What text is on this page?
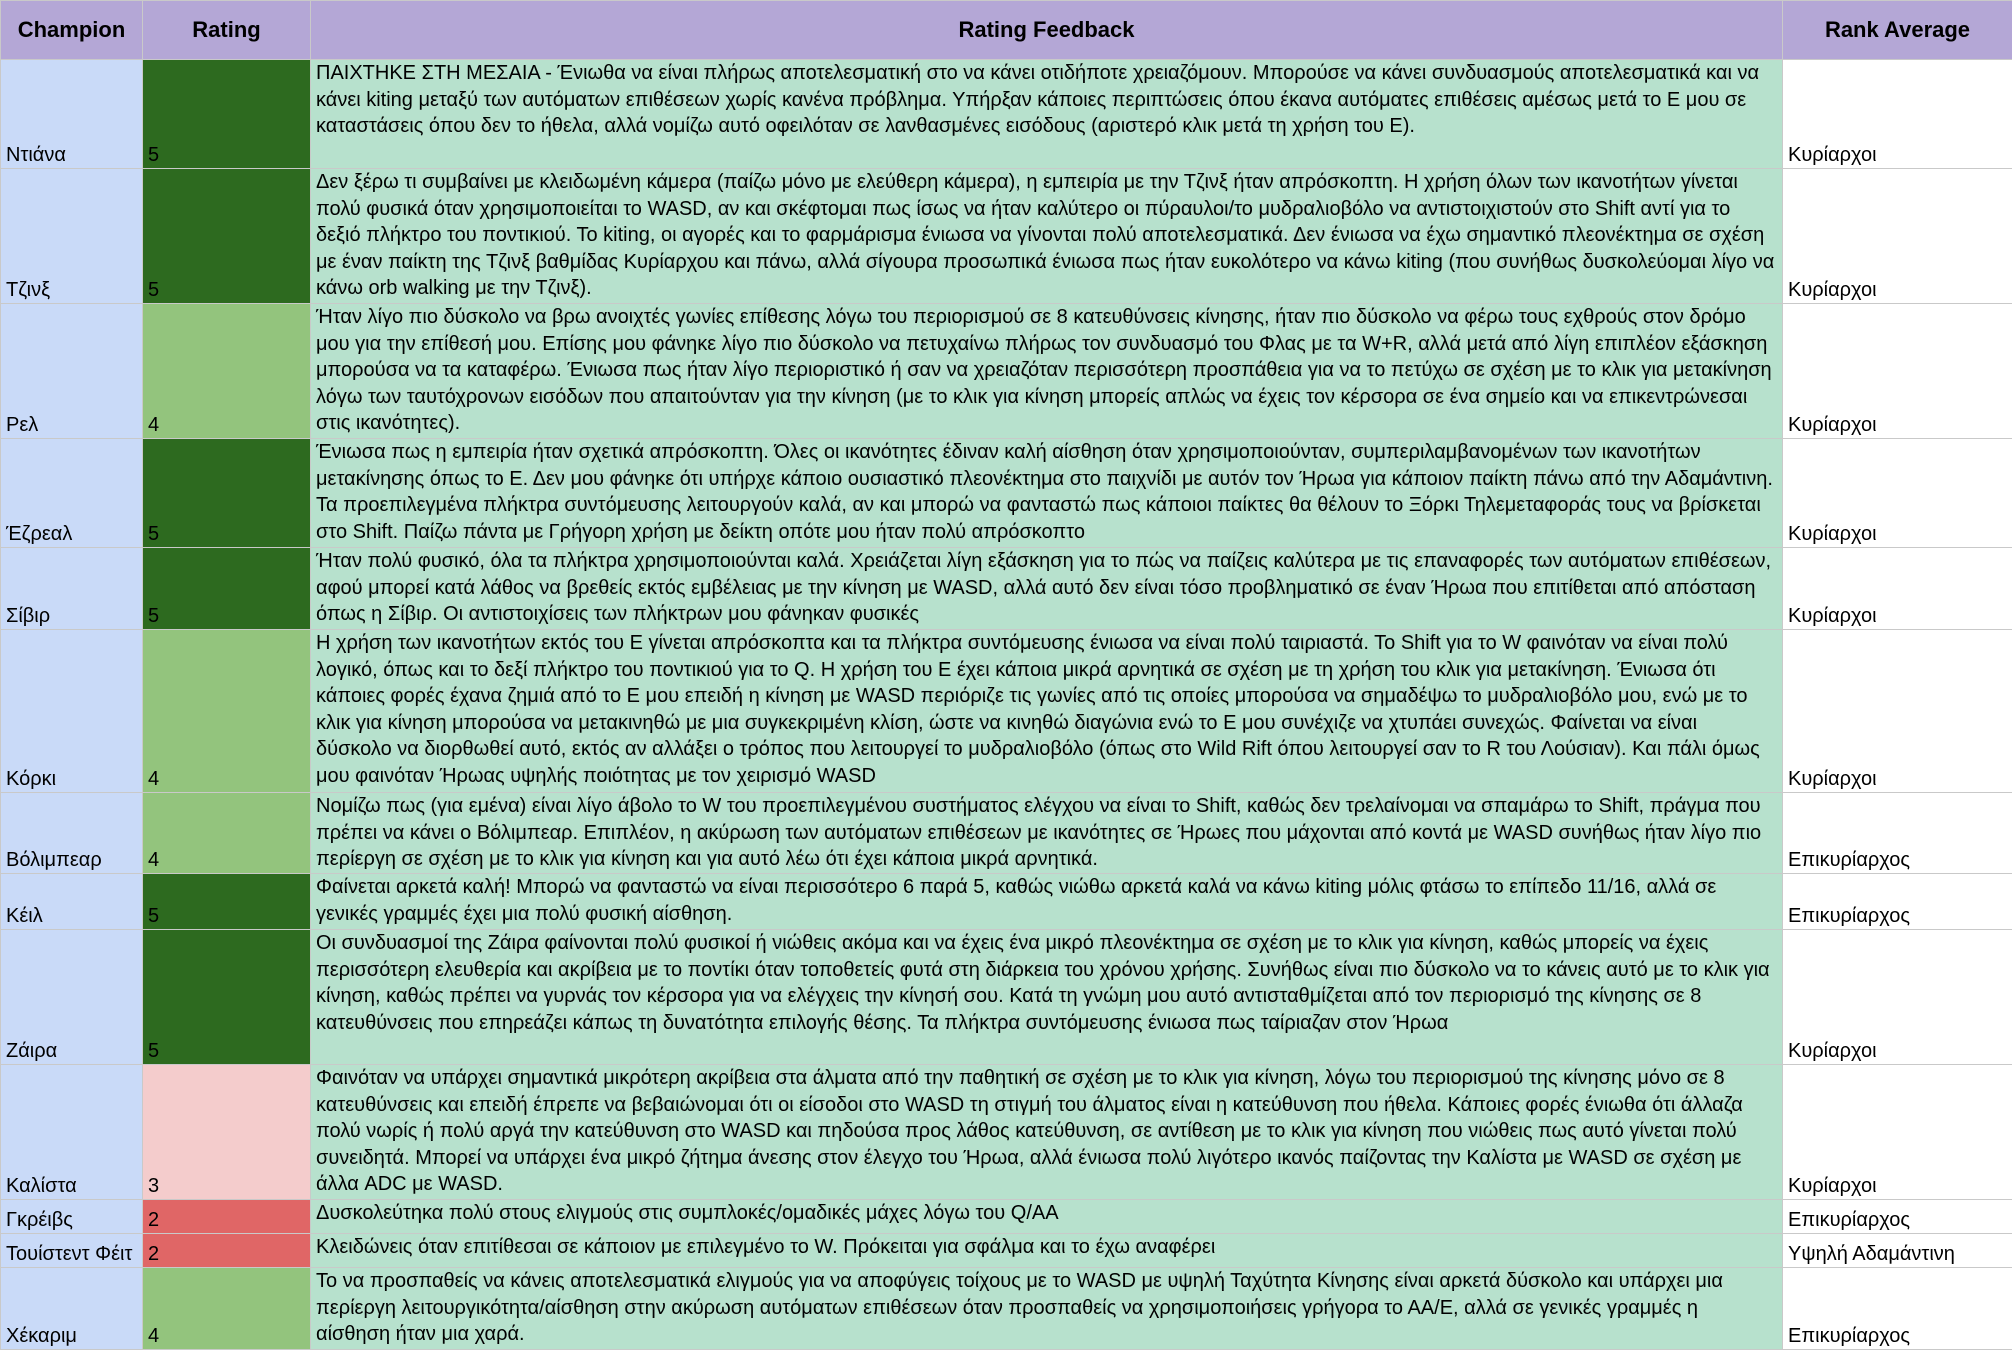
Champion	Rating	Rating Feedback	Rank Average
Ντιάνα	5	ΠΑΙΧΤΗΚΕ ΣΤΗ ΜΕΣΑΙΑ - Ένιωθα να είναι πλήρως αποτελεσματική στο να κάνει οτιδήποτε χρειαζόμουν. Μπορούσε να κάνει συνδυασμούς αποτελεσματικά και να κάνει kiting μεταξύ των αυτόματων επιθέσεων χωρίς κανένα πρόβλημα. Υπήρξαν κάποιες περιπτώσεις όπου έκανα αυτόματες επιθέσεις αμέσως μετά το Ε μου σε καταστάσεις όπου δεν το ήθελα, αλλά νομίζω αυτό οφειλόταν σε λανθασμένες εισόδους (αριστερό κλικ μετά τη χρήση του Ε).	Κυρίαρχοι
Τζινξ	5	Δεν ξέρω τι συμβαίνει με κλειδωμένη κάμερα (παίζω μόνο με ελεύθερη κάμερα), η εμπειρία με την Τζινξ ήταν απρόσκοπτη. Η χρήση όλων των ικανοτήτων γίνεται πολύ φυσικά όταν χρησιμοποιείται το WASD, αν και σκέφτομαι πως ίσως να ήταν καλύτερο οι πύραυλοι/το μυδραλιοβόλο να αντιστοιχιστούν στο Shift αντί για το δεξιό πλήκτρο του ποντικιού. Το kiting, οι αγορές και το φαρμάρισμα ένιωσα να γίνονται πολύ αποτελεσματικά. Δεν ένιωσα να έχω σημαντικό πλεονέκτημα σε σχέση με έναν παίκτη της Τζινξ βαθμίδας Κυρίαρχου και πάνω, αλλά σίγουρα προσωπικά ένιωσα πως ήταν ευκολότερο να κάνω kiting (που συνήθως δυσκολεύομαι λίγο να κάνω orb walking με την Τζινξ).	Κυρίαρχοι
Ρελ	4	Ήταν λίγο πιο δύσκολο να βρω ανοιχτές γωνίες επίθεσης λόγω του περιορισμού σε 8 κατευθύνσεις κίνησης, ήταν πιο δύσκολο να φέρω τους εχθρούς στον δρόμο μου για την επίθεσή μου. Επίσης μου φάνηκε λίγο πιο δύσκολο να πετυχαίνω πλήρως τον συνδυασμό του Φλας με τα W+R, αλλά μετά από λίγη επιπλέον εξάσκηση μπορούσα να τα καταφέρω. Ένιωσα πως ήταν λίγο περιοριστικό ή σαν να χρειαζόταν περισσότερη προσπάθεια για να το πετύχω σε σχέση με το κλικ για μετακίνηση λόγω των ταυτόχρονων εισόδων που απαιτούνταν για την κίνηση (με το κλικ για κίνηση μπορείς απλώς να έχεις τον κέρσορα σε ένα σημείο και να επικεντρώνεσαι στις ικανότητες).	Κυρίαρχοι
Έζρεαλ	5	Ένιωσα πως η εμπειρία ήταν σχετικά απρόσκοπτη. Όλες οι ικανότητες έδιναν καλή αίσθηση όταν χρησιμοποιούνταν, συμπεριλαμβανομένων των ικανοτήτων μετακίνησης όπως το Ε. Δεν μου φάνηκε ότι υπήρχε κάποιο ουσιαστικό πλεονέκτημα στο παιχνίδι με αυτόν τον Ήρωα για κάποιον παίκτη πάνω από την Αδαμάντινη. Τα προεπιλεγμένα πλήκτρα συντόμευσης λειτουργούν καλά, αν και μπορώ να φανταστώ πως κάποιοι παίκτες θα θέλουν το Ξόρκι Τηλεμεταφοράς τους να βρίσκεται στο Shift. Παίζω πάντα με Γρήγορη χρήση με δείκτη οπότε μου ήταν πολύ απρόσκοπτο	Κυρίαρχοι
Σίβιρ	5	Ήταν πολύ φυσικό, όλα τα πλήκτρα χρησιμοποιούνται καλά. Χρειάζεται λίγη εξάσκηση για το πώς να παίζεις καλύτερα με τις επαναφορές των αυτόματων επιθέσεων, αφού μπορεί κατά λάθος να βρεθείς εκτός εμβέλειας με την κίνηση με WASD, αλλά αυτό δεν είναι τόσο προβληματικό σε έναν Ήρωα που επιτίθεται από απόσταση όπως η Σίβιρ. Οι αντιστοιχίσεις των πλήκτρων μου φάνηκαν φυσικές	Κυρίαρχοι
Κόρκι	4	Η χρήση των ικανοτήτων εκτός του Ε γίνεται απρόσκοπτα και τα πλήκτρα συντόμευσης ένιωσα να είναι πολύ ταιριαστά. Το Shift για το W φαινόταν να είναι πολύ λογικό, όπως και το δεξί πλήκτρο του ποντικιού για το Q. Η χρήση του Ε έχει κάποια μικρά αρνητικά σε σχέση με τη χρήση του κλικ για μετακίνηση. Ένιωσα ότι κάποιες φορές έχανα ζημιά από το Ε μου επειδή η κίνηση με WASD περιόριζε τις γωνίες από τις οποίες μπορούσα να σημαδέψω το μυδραλιοβόλο μου, ενώ με το κλικ για κίνηση μπορούσα να μετακινηθώ με μια συγκεκριμένη κλίση, ώστε να κινηθώ διαγώνια ενώ το Ε μου συνέχιζε να χτυπάει συνεχώς. Φαίνεται να είναι δύσκολο να διορθωθεί αυτό, εκτός αν αλλάξει ο τρόπος που λειτουργεί το μυδραλιοβόλο (όπως στο Wild Rift όπου λειτουργεί σαν το R του Λούσιαν). Και πάλι όμως μου φαινόταν Ήρωας υψηλής ποιότητας με τον χειρισμό WASD	Κυρίαρχοι
Βόλιμπεαρ	4	Νομίζω πως (για εμένα) είναι λίγο άβολο το W του προεπιλεγμένου συστήματος ελέγχου να είναι το Shift, καθώς δεν τρελαίνομαι να σπαμάρω το Shift, πράγμα που πρέπει να κάνει ο Βόλιμπεαρ. Επιπλέον, η ακύρωση των αυτόματων επιθέσεων με ικανότητες σε Ήρωες που μάχονται από κοντά με WASD συνήθως ήταν λίγο πιο περίεργη σε σχέση με το κλικ για κίνηση και για αυτό λέω ότι έχει κάποια μικρά αρνητικά.	Επικυρίαρχος
Κέιλ	5	Φαίνεται αρκετά καλή! Μπορώ να φανταστώ να είναι περισσότερο 6 παρά 5, καθώς νιώθω αρκετά καλά να κάνω kiting μόλις φτάσω το επίπεδο 11/16, αλλά σε γενικές γραμμές έχει μια πολύ φυσική αίσθηση.	Επικυρίαρχος
Ζάιρα	5	Οι συνδυασμοί της Ζάιρα φαίνονται πολύ φυσικοί ή νιώθεις ακόμα και να έχεις ένα μικρό πλεονέκτημα σε σχέση με το κλικ για κίνηση, καθώς μπορείς να έχεις περισσότερη ελευθερία και ακρίβεια με το ποντίκι όταν τοποθετείς φυτά στη διάρκεια του χρόνου χρήσης. Συνήθως είναι πιο δύσκολο να το κάνεις αυτό με το κλικ για κίνηση, καθώς πρέπει να γυρνάς τον κέρσορα για να ελέγχεις την κίνησή σου. Κατά τη γνώμη μου αυτό αντισταθμίζεται από τον περιορισμό της κίνησης σε 8 κατευθύνσεις που επηρεάζει κάπως τη δυνατότητα επιλογής θέσης. Τα πλήκτρα συντόμευσης ένιωσα πως ταίριαζαν στον Ήρωα	Κυρίαρχοι
Καλίστα	3	Φαινόταν να υπάρχει σημαντικά μικρότερη ακρίβεια στα άλματα από την παθητική σε σχέση με το κλικ για κίνηση, λόγω του περιορισμού της κίνησης μόνο σε 8 κατευθύνσεις και επειδή έπρεπε να βεβαιώνομαι ότι οι είσοδοι στο WASD τη στιγμή του άλματος είναι η κατεύθυνση που ήθελα. Κάποιες φορές ένιωθα ότι άλλαζα πολύ νωρίς ή πολύ αργά την κατεύθυνση στο WASD και πηδούσα προς λάθος κατεύθυνση, σε αντίθεση με το κλικ για κίνηση που νιώθεις πως αυτό γίνεται πολύ συνειδητά. Μπορεί να υπάρχει ένα μικρό ζήτημα άνεσης στον έλεγχο του Ήρωα, αλλά ένιωσα πολύ λιγότερο ικανός παίζοντας την Καλίστα με WASD σε σχέση με άλλα ADC με WASD.	Κυρίαρχοι
Γκρέιβς	2	Δυσκολεύτηκα πολύ στους ελιγμούς στις συμπλοκές/ομαδικές μάχες λόγω του Q/AA	Επικυρίαρχος
Τουίστεντ Φέιτ	2	Κλειδώνεις όταν επιτίθεσαι σε κάποιον με επιλεγμένο το W. Πρόκειται για σφάλμα και το έχω αναφέρει	Υψηλή Αδαμάντινη
Χέκαριμ	4	Το να προσπαθείς να κάνεις αποτελεσματικά ελιγμούς για να αποφύγεις τοίχους με το WASD με υψηλή Ταχύτητα Κίνησης είναι αρκετά δύσκολο και υπάρχει μια περίεργη λειτουργικότητα/αίσθηση στην ακύρωση αυτόματων επιθέσεων όταν προσπαθείς να χρησιμοποιήσεις γρήγορα το ΑΑ/Ε, αλλά σε γενικές γραμμές η αίσθηση ήταν μια χαρά.	Επικυρίαρχος
